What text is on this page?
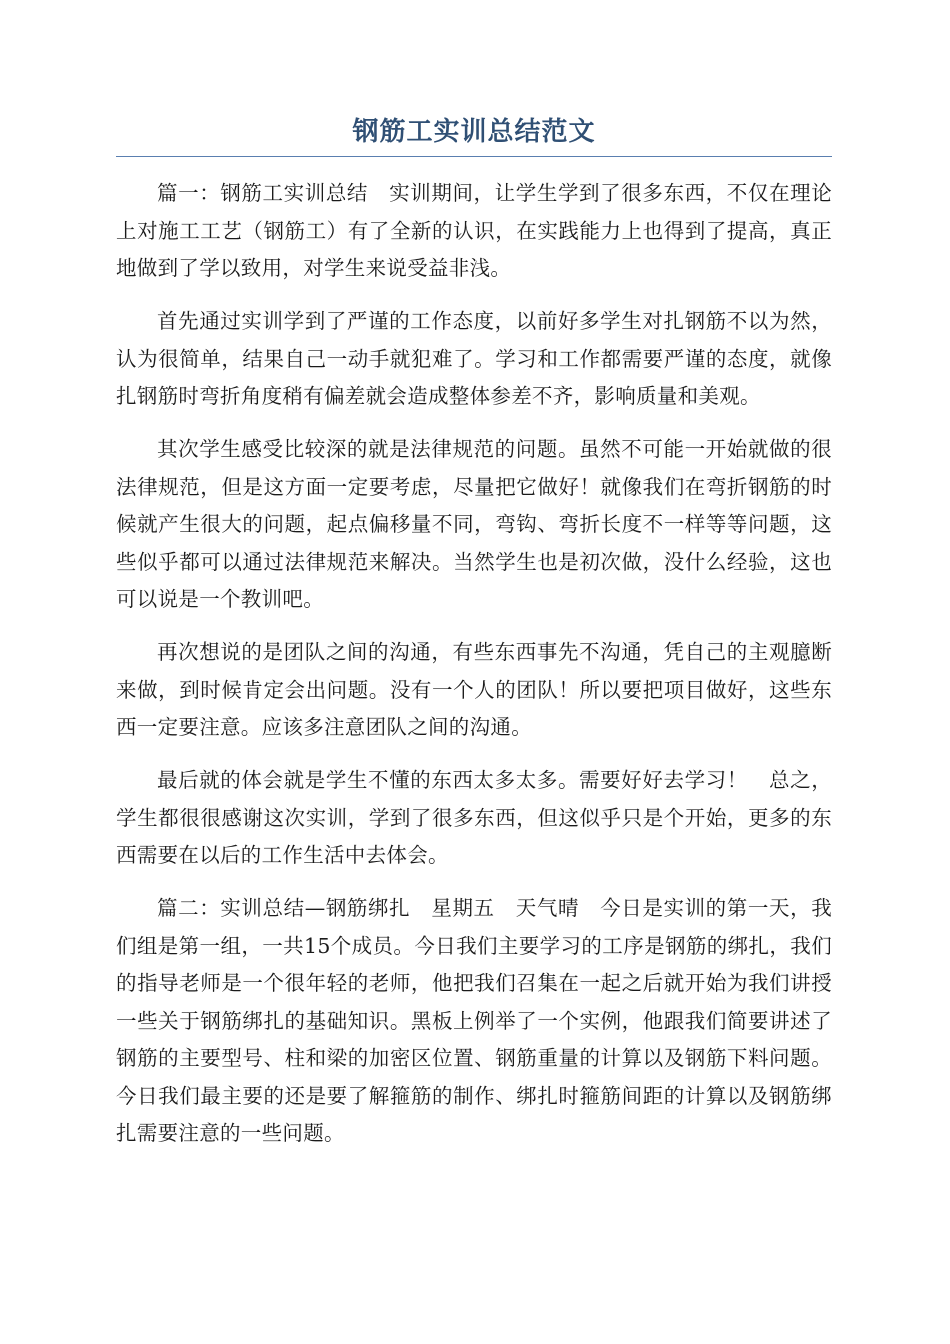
钢筋工实训总结范文

篇一：钢筋工实训总结　实训期间，让学生学到了很多东西，不仅在理论上对施工工艺（钢筋工）有了全新的认识，在实践能力上也得到了提高，真正地做到了学以致用，对学生来说受益非浅。

首先通过实训学到了严谨的工作态度，以前好多学生对扎钢筋不以为然，认为很简单，结果自己一动手就犯难了。学习和工作都需要严谨的态度，就像扎钢筋时弯折角度稍有偏差就会造成整体参差不齐，影响质量和美观。

其次学生感受比较深的就是法律规范的问题。虽然不可能一开始就做的很法律规范，但是这方面一定要考虑，尽量把它做好！就像我们在弯折钢筋的时候就产生很大的问题，起点偏移量不同，弯钩、弯折长度不一样等等问题，这些似乎都可以通过法律规范来解决。当然学生也是初次做，没什么经验，这也可以说是一个教训吧。

再次想说的是团队之间的沟通，有些东西事先不沟通，凭自己的主观臆断来做，到时候肯定会出问题。没有一个人的团队！所以要把项目做好，这些东西一定要注意。应该多注意团队之间的沟通。

最后就的体会就是学生不懂的东西太多太多。需要好好去学习！　总之，学生都很很感谢这次实训，学到了很多东西，但这似乎只是个开始，更多的东西需要在以后的工作生活中去体会。

篇二：实训总结—钢筋绑扎　星期五　天气晴　今日是实训的第一天，我们组是第一组，一共15个成员。今日我们主要学习的工序是钢筋的绑扎，我们的指导老师是一个很年轻的老师，他把我们召集在一起之后就开始为我们讲授一些关于钢筋绑扎的基础知识。黑板上例举了一个实例，他跟我们简要讲述了钢筋的主要型号、柱和梁的加密区位置、钢筋重量的计算以及钢筋下料问题。今日我们最主要的还是要了解箍筋的制作、绑扎时箍筋间距的计算以及钢筋绑扎需要注意的一些问题。
